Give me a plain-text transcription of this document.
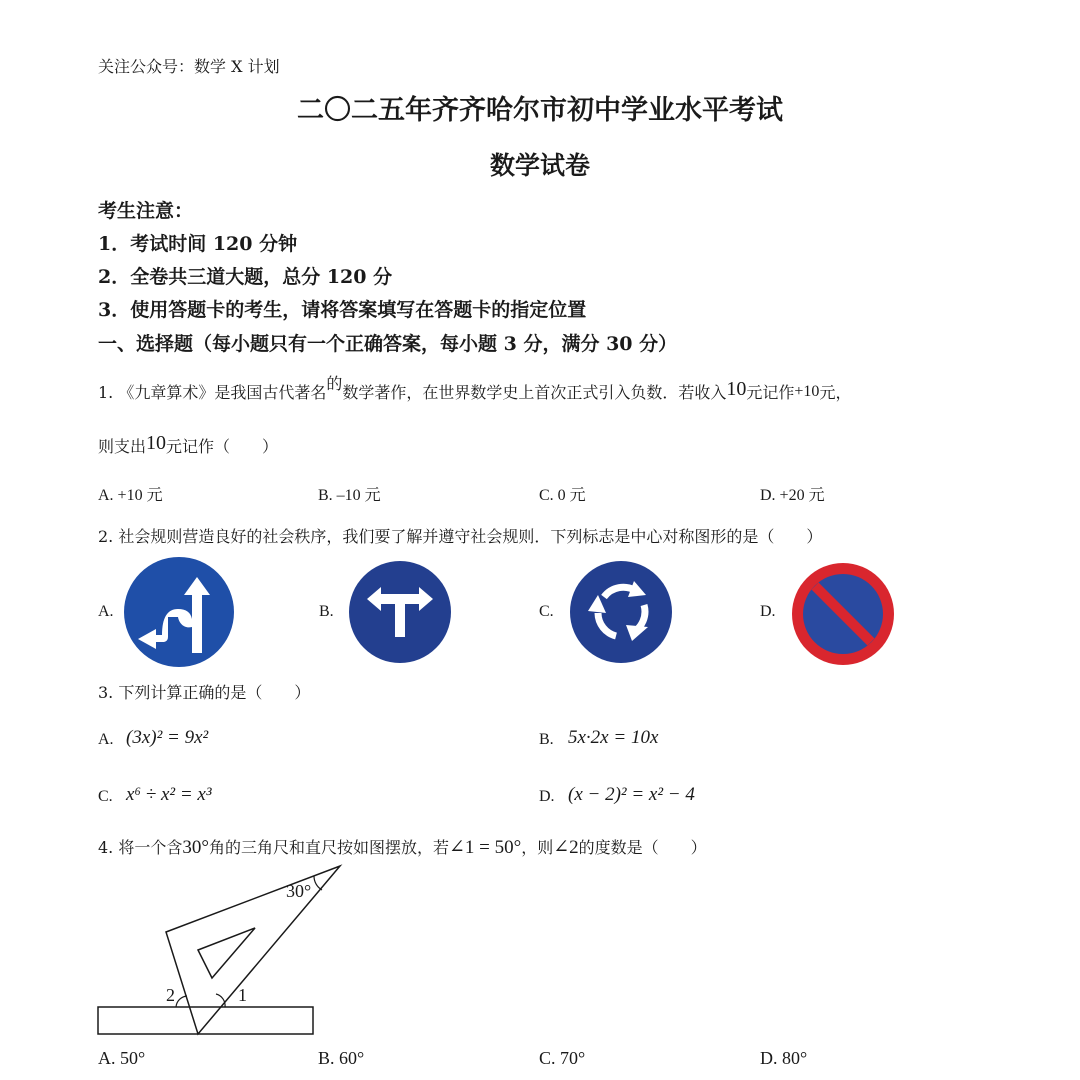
关注公众号：数学 X 计划
二〇二五年齐齐哈尔市初中学业水平考试
数学试卷
考生注意：
1．考试时间 120 分钟
2．全卷共三道大题，总分 120 分
3．使用答题卡的考生，请将答案填写在答题卡的指定位置
一、选择题（每小题只有一个正确答案，每小题 3 分，满分 30 分）
1. 《九章算术》是我国古代著名的数学著作，在世界数学史上首次正式引入负数．若收入10元记作+10元，
则支出10元记作（　　）
A. +10 元	B. –10 元	C. 0 元	D. +20 元
2. 社会规则营造良好的社会秩序，我们要了解并遵守社会规则．下列标志是中心对称图形的是（　　）
A.	B.	C.	D.
3. 下列计算正确的是（　　）
A. (3x)² = 9x²	B. 5x·2x = 10x
C. x⁶ ÷ x² = x³	D. (x − 2)² = x² − 4
4. 将一个含30°角的三角尺和直尺按如图摆放，若∠1 = 50°，则∠2的度数是（　　）
30°
1
2
A. 50°	B. 60°	C. 70°	D. 80°
